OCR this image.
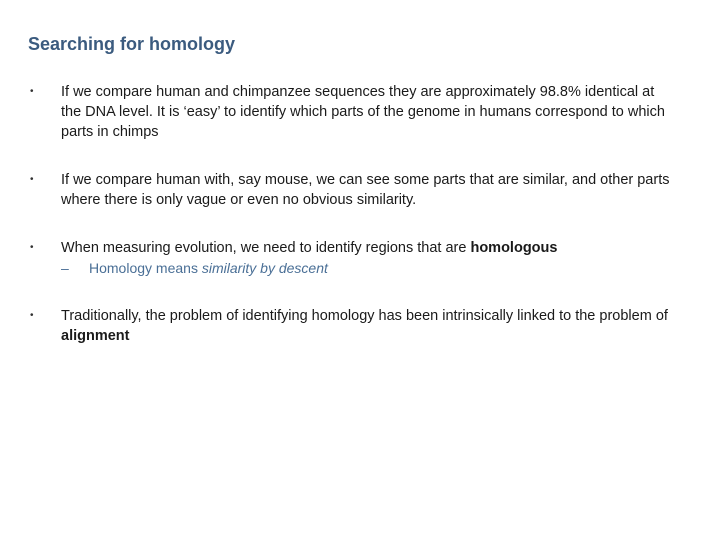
Searching for homology
• If we compare human and chimpanzee sequences they are approximately 98.8% identical at the DNA level. It is ‘easy’ to identify which parts of the genome in humans correspond to which parts in chimps
• If we compare human with, say mouse, we can see some parts that are similar, and other parts where there is only vague or even no obvious similarity.
• When measuring evolution, we need to identify regions that are homologous
– Homology means similarity by descent
• Traditionally, the problem of identifying homology has been intrinsically linked to the problem of alignment
